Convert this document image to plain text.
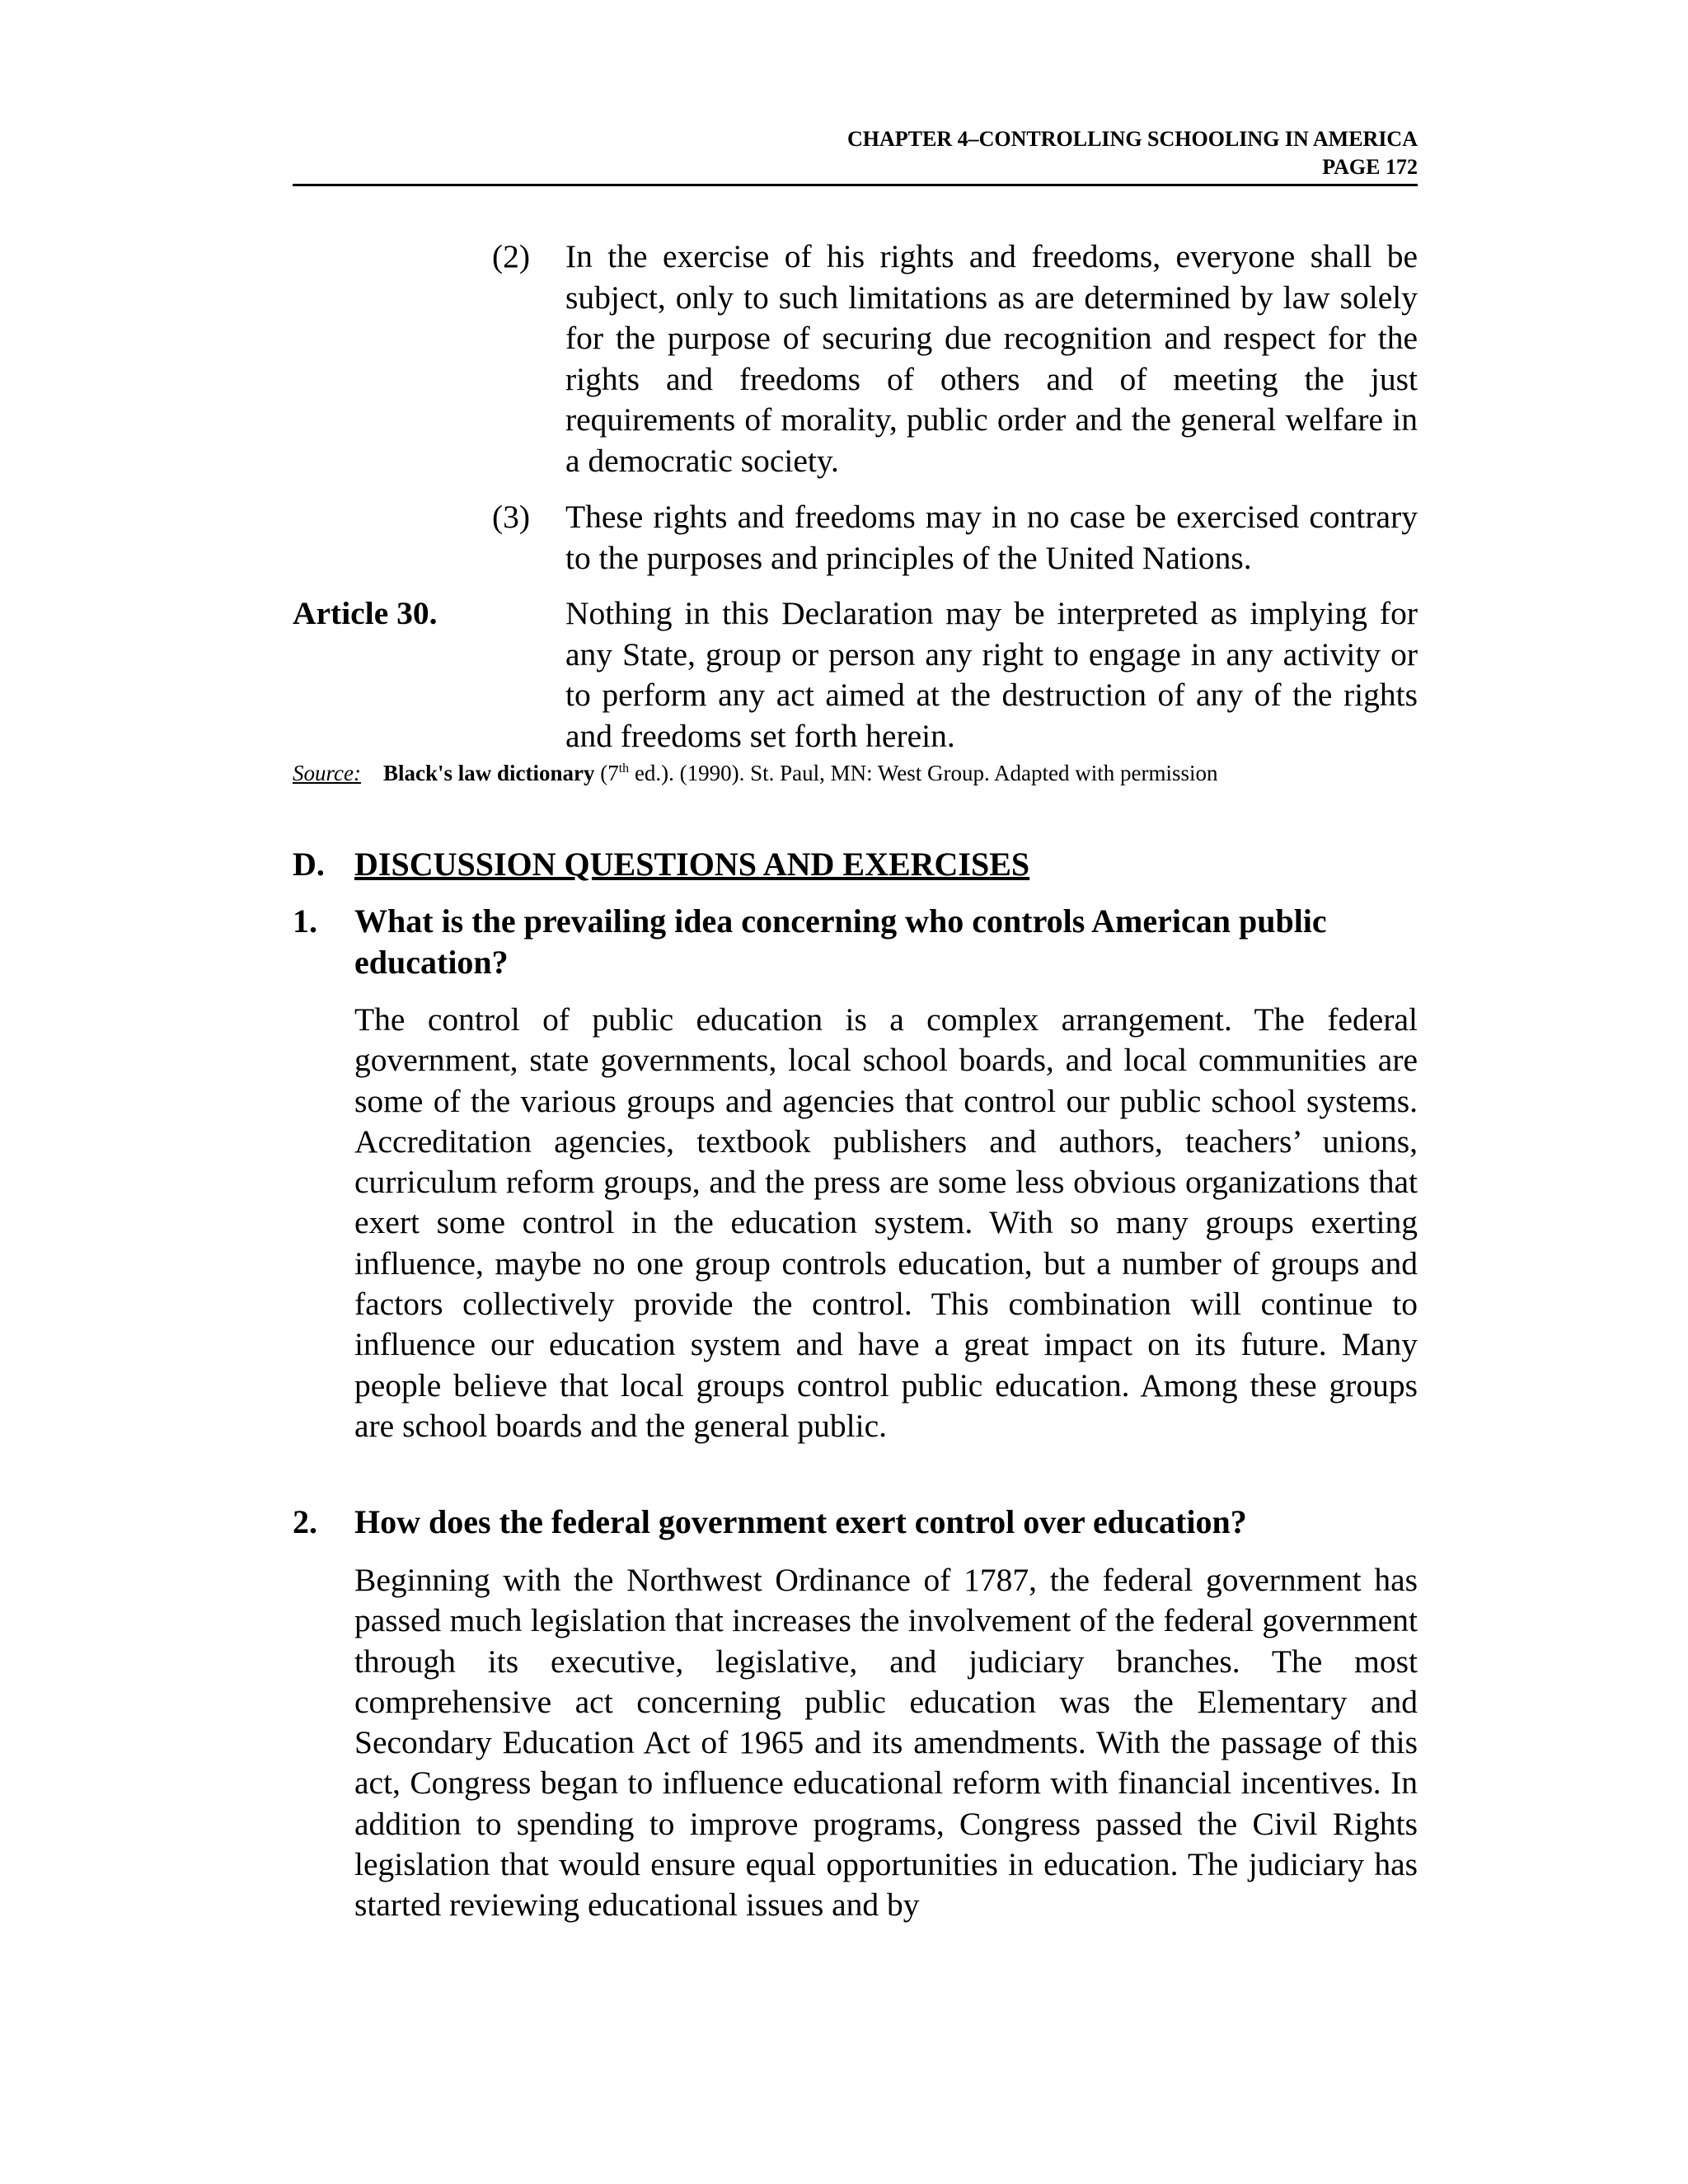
CHAPTER 4–CONTROLLING SCHOOLING IN AMERICA
PAGE 172
(2) In the exercise of his rights and freedoms, everyone shall be subject, only to such limitations as are determined by law solely for the purpose of securing due recognition and respect for the rights and freedoms of others and of meeting the just requirements of morality, public order and the general welfare in a democratic society.
(3) These rights and freedoms may in no case be exercised contrary to the purposes and principles of the United Nations.
Article 30.	Nothing in this Declaration may be interpreted as implying for any State, group or person any right to engage in any activity or to perform any act aimed at the destruction of any of the rights and freedoms set forth herein.
Source: Black's law dictionary (7th ed.). (1990). St. Paul, MN: West Group. Adapted with permission
D. DISCUSSION QUESTIONS AND EXERCISES
1. What is the prevailing idea concerning who controls American public education?
The control of public education is a complex arrangement. The federal government, state governments, local school boards, and local communities are some of the various groups and agencies that control our public school systems. Accreditation agencies, textbook publishers and authors, teachers’ unions, curriculum reform groups, and the press are some less obvious organizations that exert some control in the education system. With so many groups exerting influence, maybe no one group controls education, but a number of groups and factors collectively provide the control. This combination will continue to influence our education system and have a great impact on its future. Many people believe that local groups control public education. Among these groups are school boards and the general public.
2. How does the federal government exert control over education?
Beginning with the Northwest Ordinance of 1787, the federal government has passed much legislation that increases the involvement of the federal government through its executive, legislative, and judiciary branches. The most comprehensive act concerning public education was the Elementary and Secondary Education Act of 1965 and its amendments. With the passage of this act, Congress began to influence educational reform with financial incentives. In addition to spending to improve programs, Congress passed the Civil Rights legislation that would ensure equal opportunities in education. The judiciary has started reviewing educational issues and by
